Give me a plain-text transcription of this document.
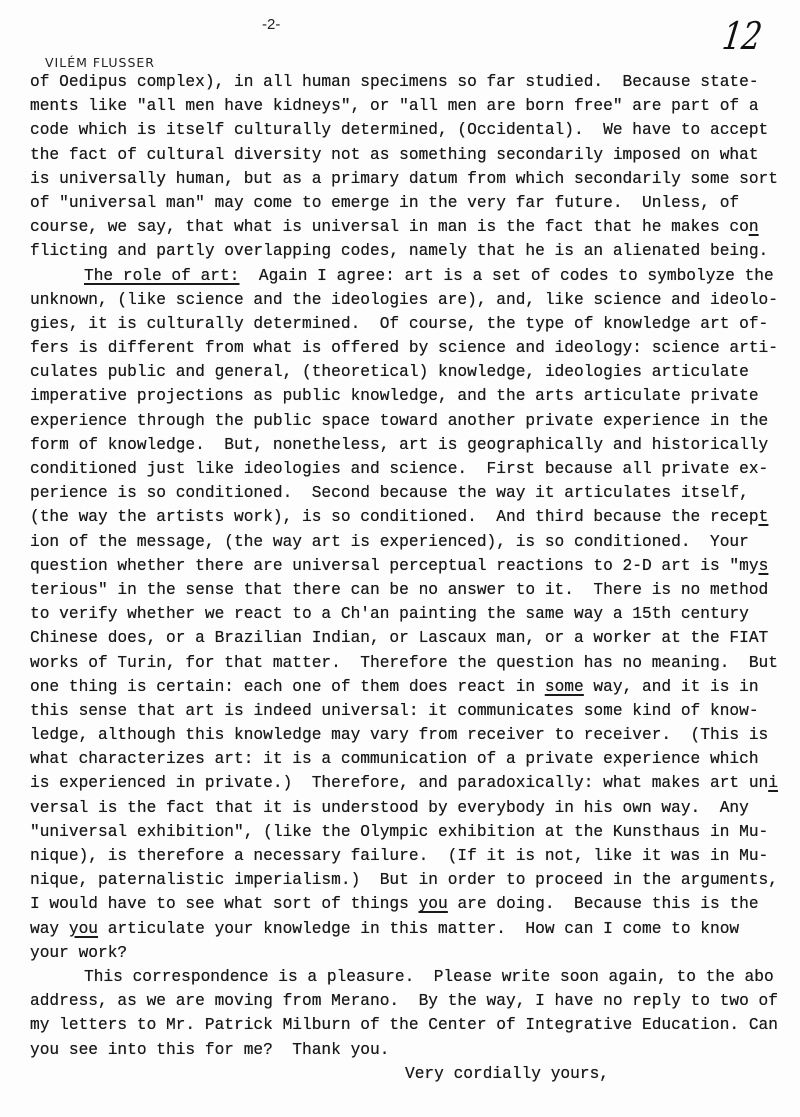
-2-
VILÉM FLUSSER
12
of Oedipus complex), in all human specimens so far studied.  Because state-
ments like "all men have kidneys", or "all men are born free" are part of a
code which is itself culturally determined, (Occidental).  We have to accept
the fact of cultural diversity not as something secondarily imposed on what
is universally human, but as a primary datum from which secondarily some sort
of "universal man" may come to emerge in the very far future.  Unless, of
course, we say, that what is universal in man is the fact that he makes con
flicting and partly overlapping codes, namely that he is an alienated being.
The role of art:  Again I agree: art is a set of codes to symbolyze the
unknown, (like science and the ideologies are), and, like science and ideolo-
gies, it is culturally determined.  Of course, the type of knowledge art of-
fers is different from what is offered by science and ideology: science arti-
culates public and general, (theoretical) knowledge, ideologies articulate
imperative projections as public knowledge, and the arts articulate private
experience through the public space toward another private experience in the
form of knowledge.  But, nonetheless, art is geographically and historically
conditioned just like ideologies and science.  First because all private ex-
perience is so conditioned.  Second because the way it articulates itself,
(the way the artists work), is so conditioned.  And third because the recept
ion of the message, (the way art is experienced), is so conditioned.  Your
question whether there are universal perceptual reactions to 2-D art is "mys
terious" in the sense that there can be no answer to it.  There is no method
to verify whether we react to a Ch'an painting the same way a 15th century
Chinese does, or a Brazilian Indian, or Lascaux man, or a worker at the FIAT
works of Turin, for that matter.  Therefore the question has no meaning.  But
one thing is certain: each one of them does react in some way, and it is in
this sense that art is indeed universal: it communicates some kind of know-
ledge, although this knowledge may vary from receiver to receiver.  (This is
what characterizes art: it is a communication of a private experience which
is experienced in private.)  Therefore, and paradoxically: what makes art uni
versal is the fact that it is understood by everybody in his own way.  Any
"universal exhibition", (like the Olympic exhibition at the Kunsthaus in Mu-
nique), is therefore a necessary failure.  (If it is not, like it was in Mu-
nique, paternalistic imperialism.)  But in order to proceed in the arguments,
I would have to see what sort of things you are doing.  Because this is the
way you articulate your knowledge in this matter.  How can I come to know
your work?
This correspondence is a pleasure.  Please write soon again, to the abo
address, as we are moving from Merano.  By the way, I have no reply to two of
my letters to Mr. Patrick Milburn of the Center of Integrative Education. Can
you see into this for me?  Thank you.
Very cordially yours,
